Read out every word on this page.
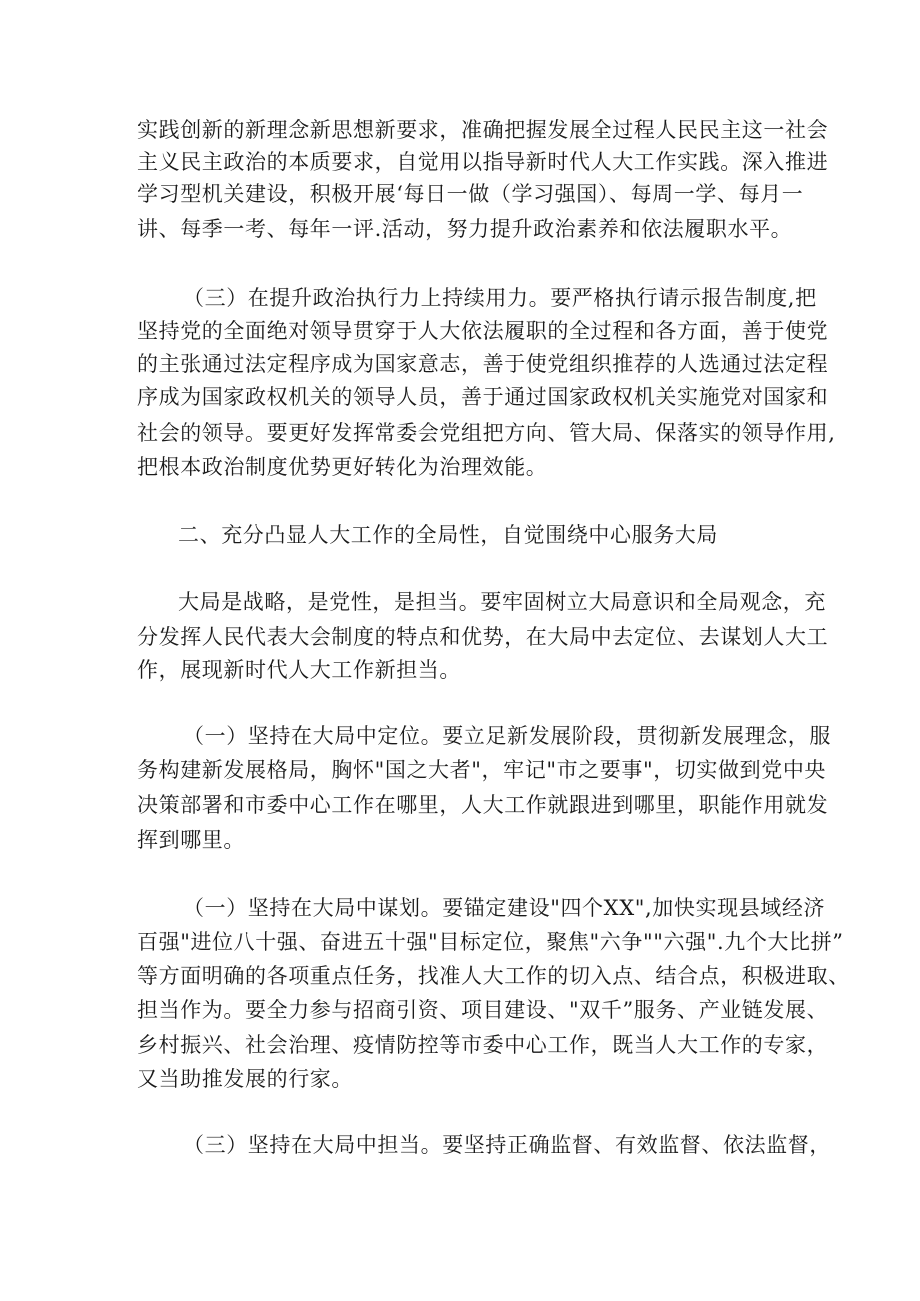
实践创新的新理念新思想新要求，准确把握发展全过程人民民主这一社会

主义民主政治的本质要求，自觉用以指导新时代人大工作实践。深入推进

学习型机关建设，积极开展‘每日一做（学习强国）、每周一学、每月一

讲、每季一考、每年一评.活动，努力提升政治素养和依法履职水平。

（三）在提升政治执行力上持续用力。要严格执行请示报告制度,把

坚持党的全面绝对领导贯穿于人大依法履职的全过程和各方面，善于使党

的主张通过法定程序成为国家意志，善于使党组织推荐的人选通过法定程

序成为国家政权机关的领导人员，善于通过国家政权机关实施党对国家和

社会的领导。要更好发挥常委会党组把方向、管大局、保落实的领导作用,

把根本政治制度优势更好转化为治理效能。

二、充分凸显人大工作的全局性，自觉围绕中心服务大局

大局是战略，是党性，是担当。要牢固树立大局意识和全局观念，充

分发挥人民代表大会制度的特点和优势，在大局中去定位、去谋划人大工

作，展现新时代人大工作新担当。

（一）坚持在大局中定位。要立足新发展阶段，贯彻新发展理念，服

务构建新发展格局，胸怀"国之大者"，牢记"市之要事"，切实做到党中央

决策部署和市委中心工作在哪里，人大工作就跟进到哪里，职能作用就发

挥到哪里。

（一）坚持在大局中谋划。要锚定建设"四个XX",加快实现县域经济

百强"进位八十强、奋进五十强"目标定位，聚焦"六争""六强".九个大比拼”

等方面明确的各项重点任务，找准人大工作的切入点、结合点，积极进取、

担当作为。要全力参与招商引资、项目建设、"双千”服务、产业链发展、

乡村振兴、社会治理、疫情防控等市委中心工作，既当人大工作的专家，

又当助推发展的行家。

（三）坚持在大局中担当。要坚持正确监督、有效监督、依法监督，
